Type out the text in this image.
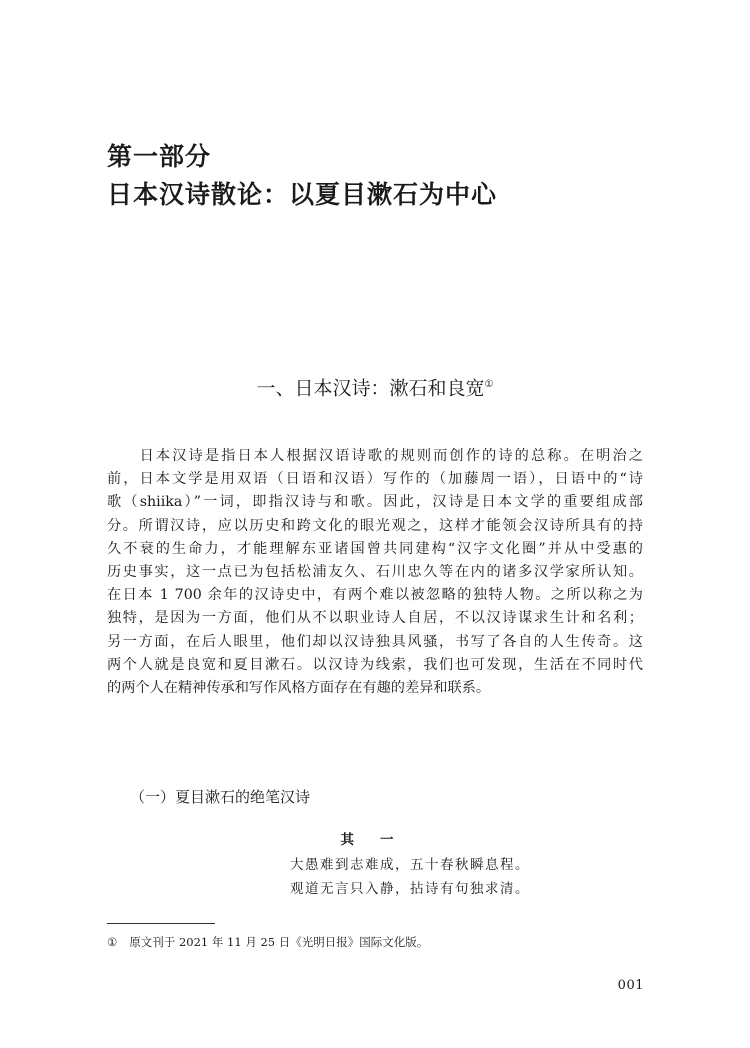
第一部分
日本汉诗散论：以夏目漱石为中心
一、日本汉诗：漱石和良宽①
　　日本汉诗是指日本人根据汉语诗歌的规则而创作的诗的总称。在明治之
前，日本文学是用双语（日语和汉语）写作的（加藤周一语），日语中的“诗
歌（shiika）”一词，即指汉诗与和歌。因此，汉诗是日本文学的重要组成部
分。所谓汉诗，应以历史和跨文化的眼光观之，这样才能领会汉诗所具有的持
久不衰的生命力，才能理解东亚诸国曾共同建构“汉字文化圈”并从中受惠的
历史事实，这一点已为包括松浦友久、石川忠久等在内的诸多汉学家所认知。
在日本 1 700 余年的汉诗史中，有两个难以被忽略的独特人物。之所以称之为
独特，是因为一方面，他们从不以职业诗人自居，不以汉诗谋求生计和名利；
另一方面，在后人眼里，他们却以汉诗独具风骚，书写了各自的人生传奇。这
两个人就是良宽和夏目漱石。以汉诗为线索，我们也可发现，生活在不同时代
的两个人在精神传承和写作风格方面存在有趣的差异和联系。
（一）夏目漱石的绝笔汉诗
其一
大愚难到志难成，五十春秋瞬息程。
观道无言只入静，拈诗有句独求清。
① 原文刊于 2021 年 11 月 25 日《光明日报》国际文化版。
001
